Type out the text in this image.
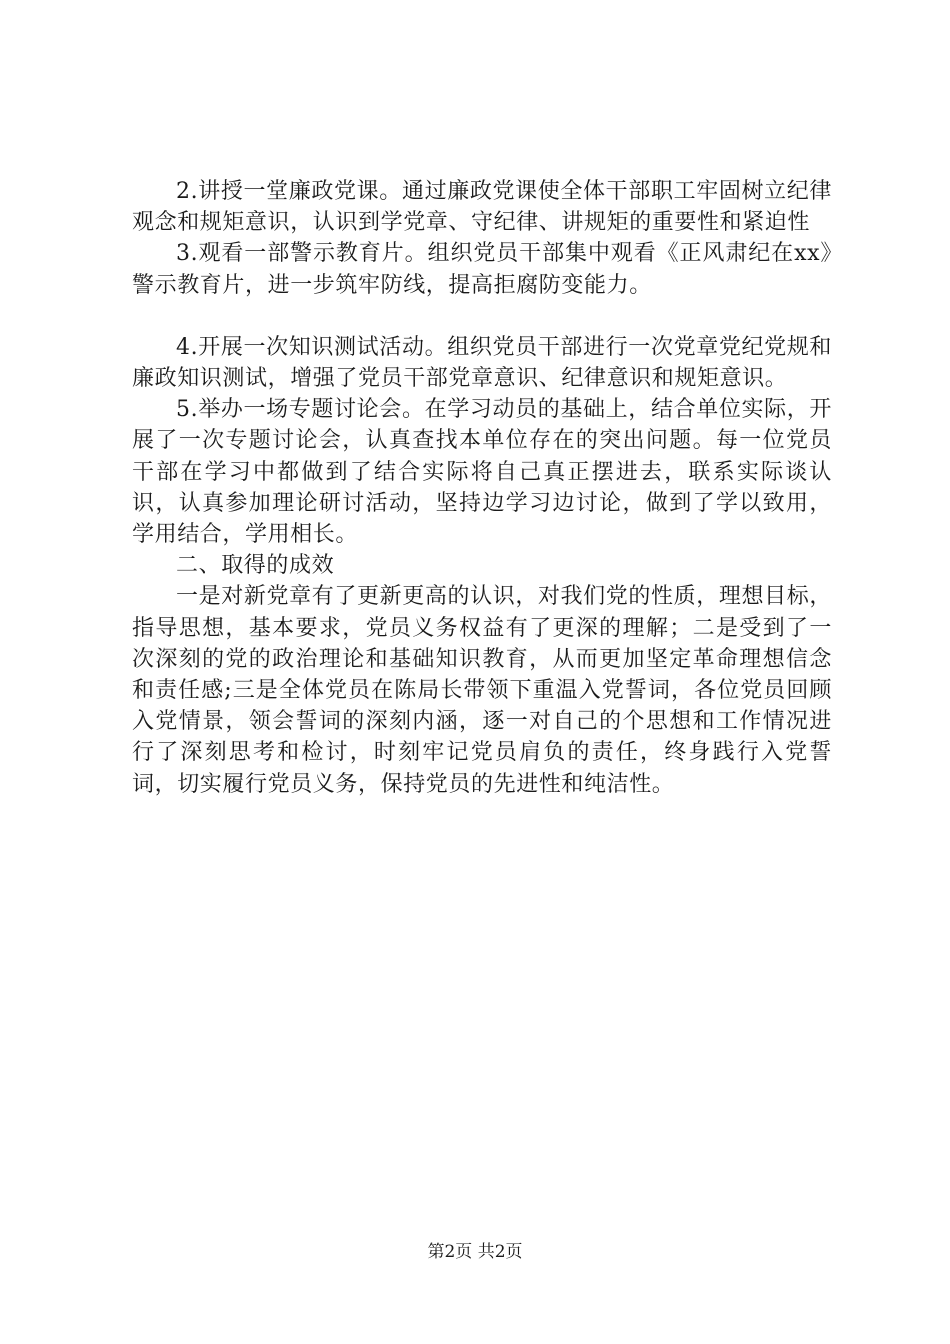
2.讲授一堂廉政党课。通过廉政党课使全体干部职工牢固树立纪律观念和规矩意识，认识到学党章、守纪律、讲规矩的重要性和紧迫性

3.观看一部警示教育片。组织党员干部集中观看《正风肃纪在xx》警示教育片，进一步筑牢防线，提高拒腐防变能力。

4.开展一次知识测试活动。组织党员干部进行一次党章党纪党规和廉政知识测试，增强了党员干部党章意识、纪律意识和规矩意识。

5.举办一场专题讨论会。在学习动员的基础上，结合单位实际，开展了一次专题讨论会，认真查找本单位存在的突出问题。每一位党员干部在学习中都做到了结合实际将自己真正摆进去，联系实际谈认识，认真参加理论研讨活动，坚持边学习边讨论，做到了学以致用，学用结合，学用相长。

二、取得的成效

一是对新党章有了更新更高的认识，对我们党的性质，理想目标，指导思想，基本要求，党员义务权益有了更深的理解；二是受到了一次深刻的党的政治理论和基础知识教育，从而更加坚定革命理想信念和责任感;三是全体党员在陈局长带领下重温入党誓词，各位党员回顾入党情景，领会誓词的深刻内涵，逐一对自己的个思想和工作情况进行了深刻思考和检讨，时刻牢记党员肩负的责任，终身践行入党誓词，切实履行党员义务，保持党员的先进性和纯洁性。

第2页 共2页
